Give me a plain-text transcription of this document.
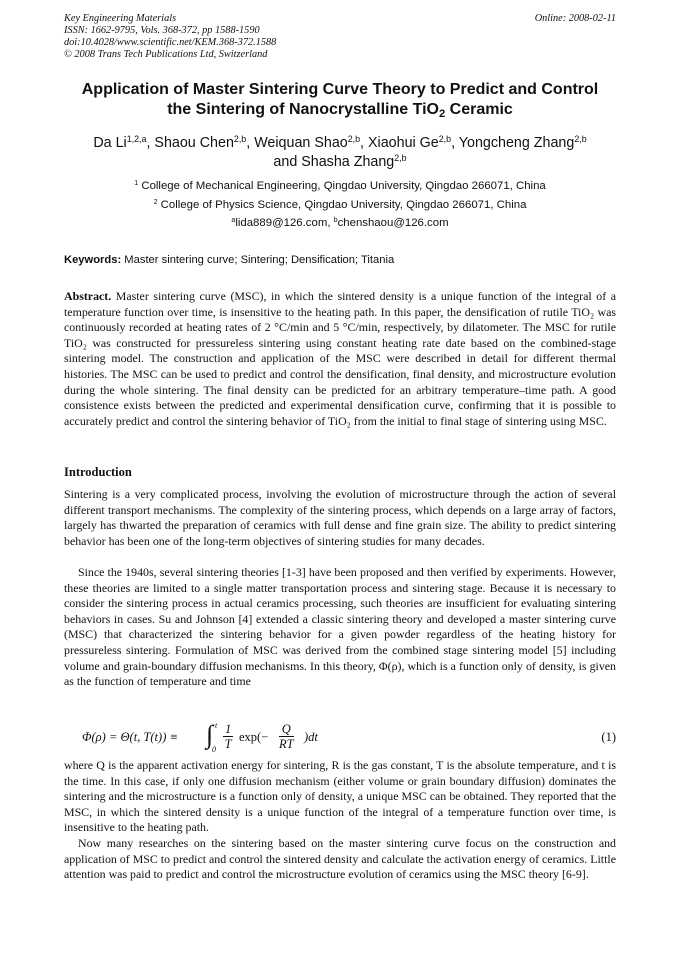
Key Engineering Materials
ISSN: 1662-9795, Vols. 368-372, pp 1588-1590
doi:10.4028/www.scientific.net/KEM.368-372.1588
© 2008 Trans Tech Publications Ltd, Switzerland
Online: 2008-02-11
Application of Master Sintering Curve Theory to Predict and Control
the Sintering of Nanocrystalline TiO$_2$ Ceramic
Da Li$^{1,2,a}$, Shaou Chen$^{2,b}$, Weiquan Shao$^{2,b}$, Xiaohui Ge$^{2,b}$, Yongcheng Zhang$^{2,b}$
and Shasha Zhang$^{2,b}$
$^1$ College of Mechanical Engineering, Qingdao University, Qingdao 266071, China
$^2$ College of Physics Science, Qingdao University, Qingdao 266071, China
$^a$lida889@126.com, $^b$chenshaou@126.com
Keywords: Master sintering curve; Sintering; Densification; Titania

Abstract. Master sintering curve (MSC), in which the sintered density is a unique function of the integral of a temperature function over time, is insensitive to the heating path. In this paper, the densification of rutile TiO₂ was continuously recorded at heating rates of 2 °C/min and 5 °C/min, respectively, by dilatometer. The MSC for rutile TiO₂ was constructed for pressureless sintering using constant heating rate date based on the combined-stage sintering model. The construction and application of the MSC were described in detail for different thermal histories. The MSC can be used to predict and control the densification, final density, and microstructure evolution during the whole sintering. The final density can be predicted for an arbitrary temperature–time path. A good consistence exists between the predicted and experimental densification curve, confirming that it is possible to accurately predict and control the sintering behavior of TiO₂ from the initial to final stage of sintering using MSC.

Introduction

Sintering is a very complicated process, involving the evolution of microstructure through the action of several different transport mechanisms. The complexity of the sintering process, which depends on a large array of factors, largely has thwarted the preparation of ceramics with full dense and fine grain size. The ability to predict sintering behavior has been one of the long-term objectives of sintering studies for many decades.

Since the 1940s, several sintering theories [1-3] have been proposed and then verified by experiments. However, these theories are limited to a single matter transportation process and sintering stage. Because it is necessary to consider the sintering process in actual ceramics processing, such theories are insufficient for evaluating sintering behaviors in cases. Su and Johnson [4] extended a classic sintering theory and developed a master sintering curve (MSC) that characterized the sintering behavior for a given powder regardless of the heating history for pressureless sintering. Formulation of MSC was derived from the combined stage sintering model [5] including volume and grain-boundary diffusion mechanisms. In this theory, Φ(ρ), which is a function only of density, is given as the function of temperature and time

Φ(ρ) = Θ(t, T(t)) ≡ ∫ t
$0 \frac{1}{T} \exp(- \frac{Q}{RT} )dt$	(1)

where Q is the apparent activation energy for sintering, R is the gas constant, T is the absolute temperature, and t is the time. In this case, if only one diffusion mechanism (either volume or grain boundary diffusion) dominates the sintering and the microstructure is a function only of density, a unique MSC can be obtained. They reported that the MSC, in which the sintered density is a unique function of the integral of a temperature function over time, is insensitive to the heating path.

Now many researches on the sintering based on the master sintering curve focus on the construction and application of MSC to predict and control the sintered density and calculate the activation energy of ceramics. Little attention was paid to predict and control the microstructure evolution of ceramics using the MSC theory [6-9].
